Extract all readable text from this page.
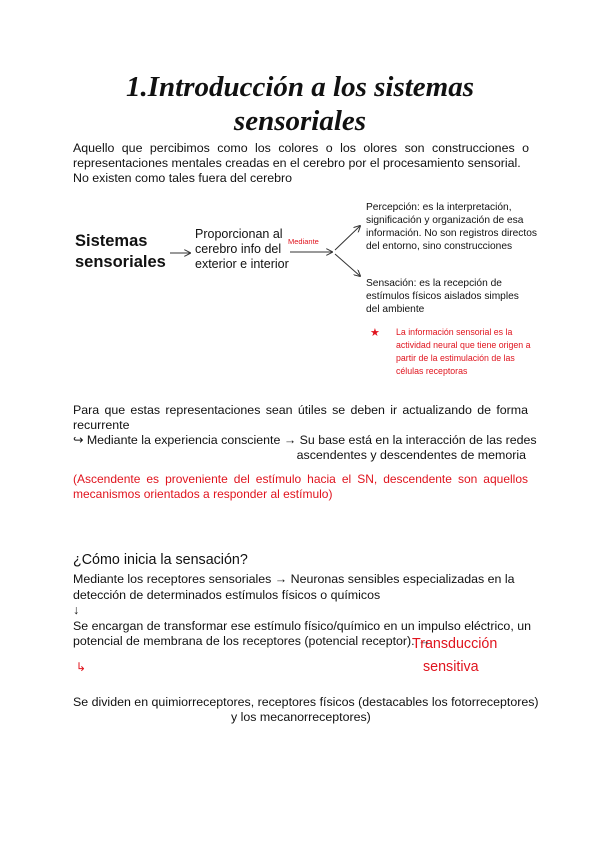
1.Introducción a los sistemas
sensoriales

Aquello que percibimos como los colores o los olores son construcciones o
representaciones mentales creadas en el cerebro por el procesamiento sensorial.
No existen como tales fuera del cerebro

Sistemas
sensoriales
Proporcionan al
cerebro info del
exterior e interior
Mediante
Percepción: es la interpretación,
significación y organización de esa
información. No son registros directos
del entorno, sino construcciones
Sensación: es la recepción de
estímulos físicos aislados simples
del ambiente
★ La información sensorial es la
actividad neural que tiene origen a
partir de la estimulación de las
células receptoras

Para que estas representaciones sean útiles se deben ir actualizando de forma
recurrente
↪ Mediante la experiencia consciente → Su base está en la interacción de las redes
ascendentes y descendentes de memoria

(Ascendente es proveniente del estímulo hacia el SN, descendente son aquellos
mecanismos orientados a responder al estímulo)

¿Cómo inicia la sensación?

Mediante los receptores sensoriales → Neuronas sensibles especializadas en la
detección de determinados estímulos físicos o químicos
↓
Se encargan de transformar ese estímulo físico/químico en un impulso eléctrico, un
potencial de membrana de los receptores (potencial receptor). →

Transducción
↳	sensitiva

Se dividen en quimiorreceptores, receptores físicos (destacables los fotorreceptores)
y los mecanorreceptores)
